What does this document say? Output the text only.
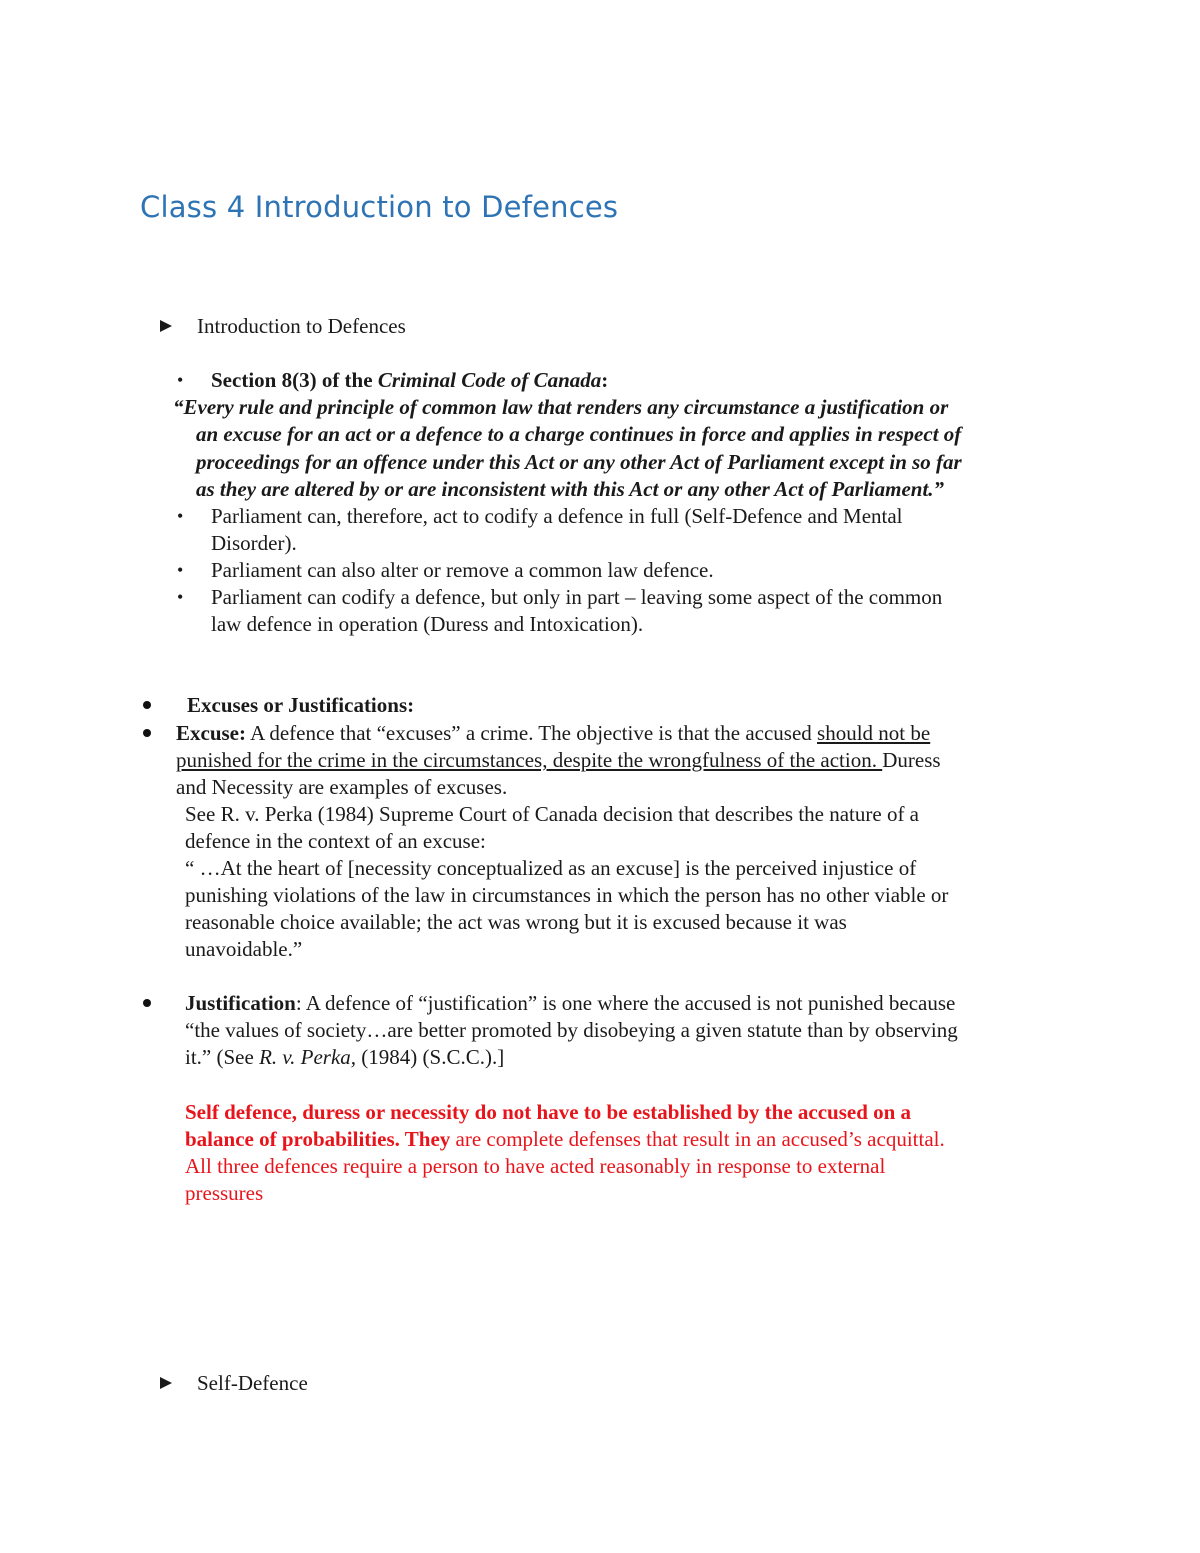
Class 4 Introduction to Defences
Introduction to Defences
• Section 8(3) of the Criminal Code of Canada:
“Every rule and principle of common law that renders any circumstance a justification or
an excuse for an act or a defence to a charge continues in force and applies in respect of
proceedings for an offence under this Act or any other Act of Parliament except in so far
as they are altered by or are inconsistent with this Act or any other Act of Parliament.”
• Parliament can, therefore, act to codify a defence in full (Self-Defence and Mental
Disorder).
• Parliament can also alter or remove a common law defence.
• Parliament can codify a defence, but only in part – leaving some aspect of the common
law defence in operation (Duress and Intoxication).
Excuses or Justifications:
Excuse: A defence that “excuses” a crime. The objective is that the accused should not be
punished for the crime in the circumstances, despite the wrongfulness of the action. Duress
and Necessity are examples of excuses.
See R. v. Perka (1984) Supreme Court of Canada decision that describes the nature of a
defence in the context of an excuse:
“ …At the heart of [necessity conceptualized as an excuse] is the perceived injustice of
punishing violations of the law in circumstances in which the person has no other viable or
reasonable choice available; the act was wrong but it is excused because it was
unavoidable.”
Justification: A defence of “justification” is one where the accused is not punished because
“the values of society…are better promoted by disobeying a given statute than by observing
it.” (See R. v. Perka, (1984) (S.C.C.).]
Self defence, duress or necessity do not have to be established by the accused on a
balance of probabilities. They are complete defenses that result in an accused’s acquittal.
All three defences require a person to have acted reasonably in response to external
pressures
Self-Defence
